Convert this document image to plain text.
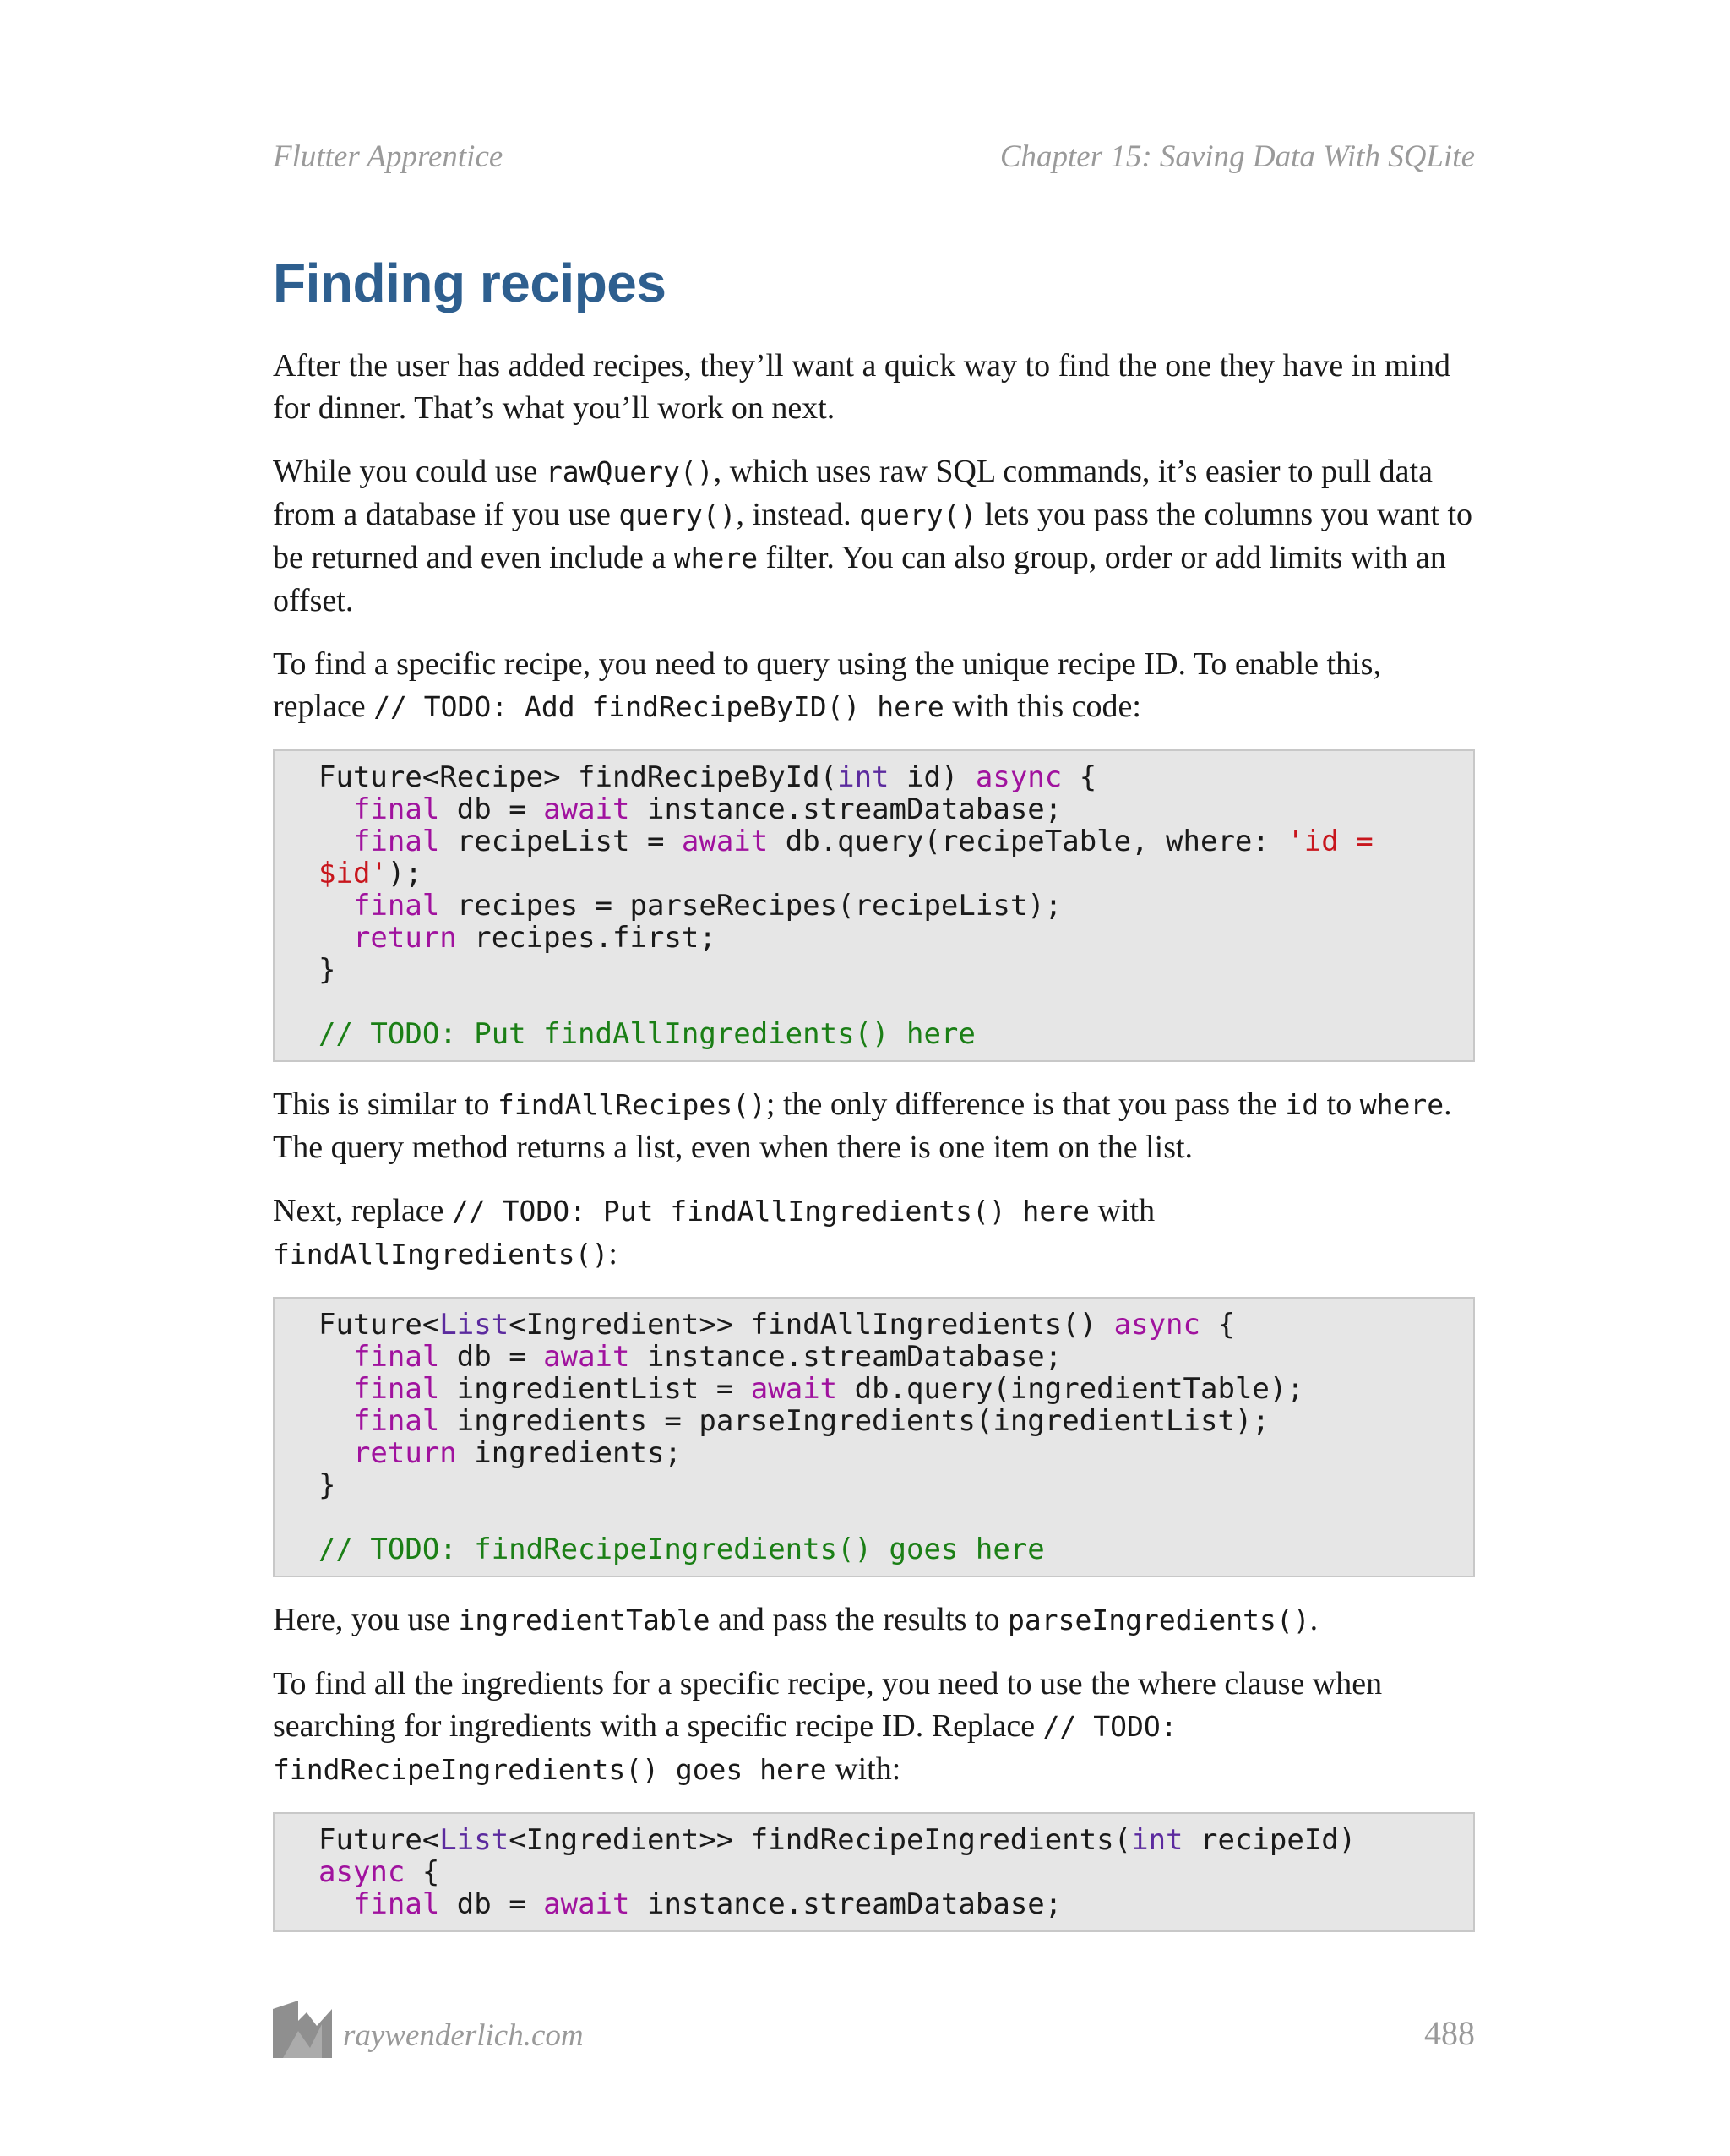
Flutter Apprentice	Chapter 15: Saving Data With SQLite
Finding recipes

After the user has added recipes, they’ll want a quick way to find the one they have in mind for dinner. That’s what you’ll work on next.

While you could use rawQuery(), which uses raw SQL commands, it’s easier to pull data from a database if you use query(), instead. query() lets you pass the columns you want to be returned and even include a where filter. You can also group, order or add limits with an offset.

To find a specific recipe, you need to query using the unique recipe ID. To enable this, replace // TODO: Add findRecipeByID() here with this code:

Future<Recipe> findRecipeById(int id) async {
final db = await instance.streamDatabase;
final recipeList = await db.query(recipeTable, where: 'id =
$id');
final recipes = parseRecipes(recipeList);
return recipes.first;
}

// TODO: Put findAllIngredients() here

This is similar to findAllRecipes(); the only difference is that you pass the id to where. The query method returns a list, even when there is one item on the list.

Next, replace // TODO: Put findAllIngredients() here with findAllIngredients():

Future<List<Ingredient>> findAllIngredients() async {
final db = await instance.streamDatabase;
final ingredientList = await db.query(ingredientTable);
final ingredients = parseIngredients(ingredientList);
return ingredients;
}

// TODO: findRecipeIngredients() goes here

Here, you use ingredientTable and pass the results to parseIngredients().

To find all the ingredients for a specific recipe, you need to use the where clause when searching for ingredients with a specific recipe ID. Replace // TODO: findRecipeIngredients() goes here with:

Future<List<Ingredient>> findRecipeIngredients(int recipeId)
async {
final db = await instance.streamDatabase;
raywenderlich.com	488
